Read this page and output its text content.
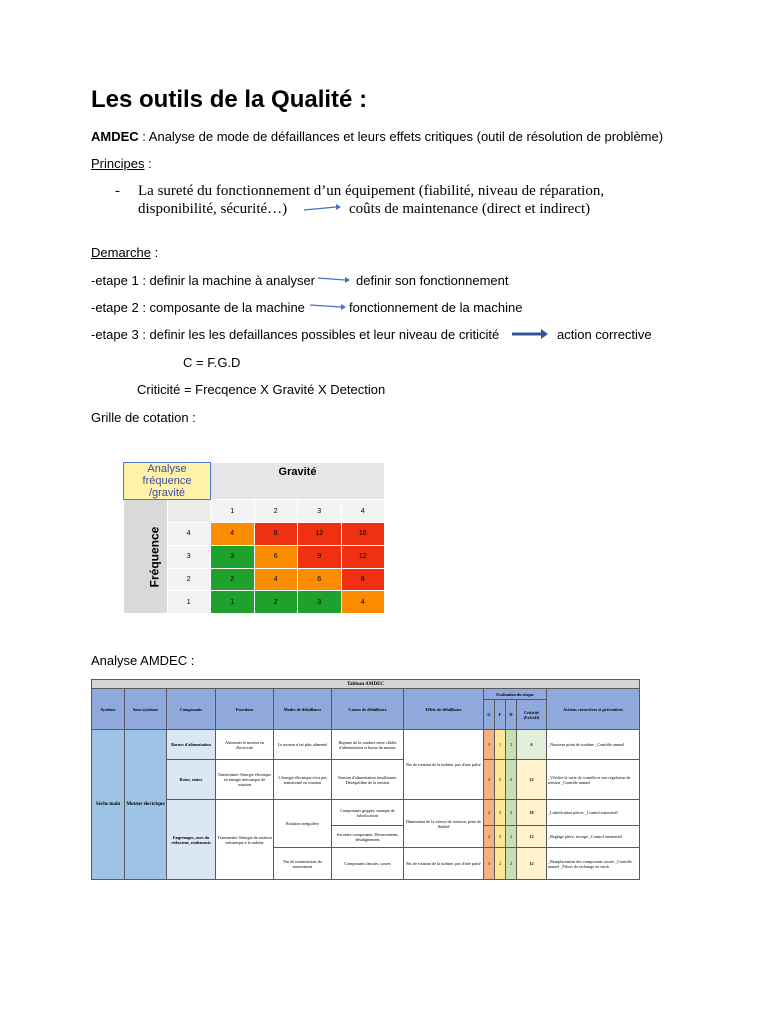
Les outils de la Qualité :
AMDEC : Analyse de mode de défaillances et leurs effets critiques (outil de résolution de problème)
Principes :
- La sureté du fonctionnement d’un équipement (fiabilité, niveau de réparation,
disponibilité, sécurité…)	coûts de maintenance (direct et indirect)
Demarche :
-etape 1 : definir la machine à analyser	definir son fonctionnement
-etape 2 : composante de la machine	fonctionnement de la machine
-etape 3 : definir les les defaillances possibles et leur niveau de criticité	action corrective
C = F.G.D
Criticité = Frecqence X Gravité X Detection
Grille de cotation :
Analyse
fréquence
/gravité		Gravité			
Fréquence		1	2	3	4
	4	4	8	12	16
	3	3	6	9	12
	2	2	4	6	8
	1	1	2	3	4
Analyse AMDEC :
Tableau AMDEC											
Système	Sous-systèmes	Composants	Fonctions	Modes de défaillance	Causes de défaillance	Effets de défaillance	Evaluation du risque				Actions correctives et préventives
							G	F	D	Criticité (FxGxD)	
Sèche main	Moteur électrique	Bornes d'alimentation	Alimenter le moteur en électricité	Le moteur n'est plus alimenté	Rupture de la soudure entre câbles d'alimentation et borne du moteur	Pas de rotation de la turbine, pas d'aire pulsé	3	1	2	6	_Nouveau point de soudure _Contrôle annuel
		Rotor, stator	Transformer l'énergie électrique en énergie mécanique de rotation	L'énergie électrique n'est pas transformé en rotation	Tension d'alimentation insuffisante, Déséquilibre de la tension		3	2	2	12	_Vérifier la carte de contrôle et son régulateur de tension _Contrôle annuel
		Engrenages, axes du réducteur, roulements	Transmettre l'énergie de rotation mécanique à la turbine	Rotation irrégulière	Composants grippés, manque de lubrification	Diminution de la vitesse de rotation, perte de fluidité	2	3	3	18	_Lubrification pièces _Control semestriel
					Jeu entre composants, Desserrement, désalignement		2	3	2	12	_Réglage pièce, serrage _Control semestriel
				Pas de transmission du mouvement	Composants faussés, cassés	Pas de rotation de la turbine, pas d'aire pulsé	3	2	2	12	_Remplacement des composants cassés _Contrôle annuel _Pièces de rechange en stock
